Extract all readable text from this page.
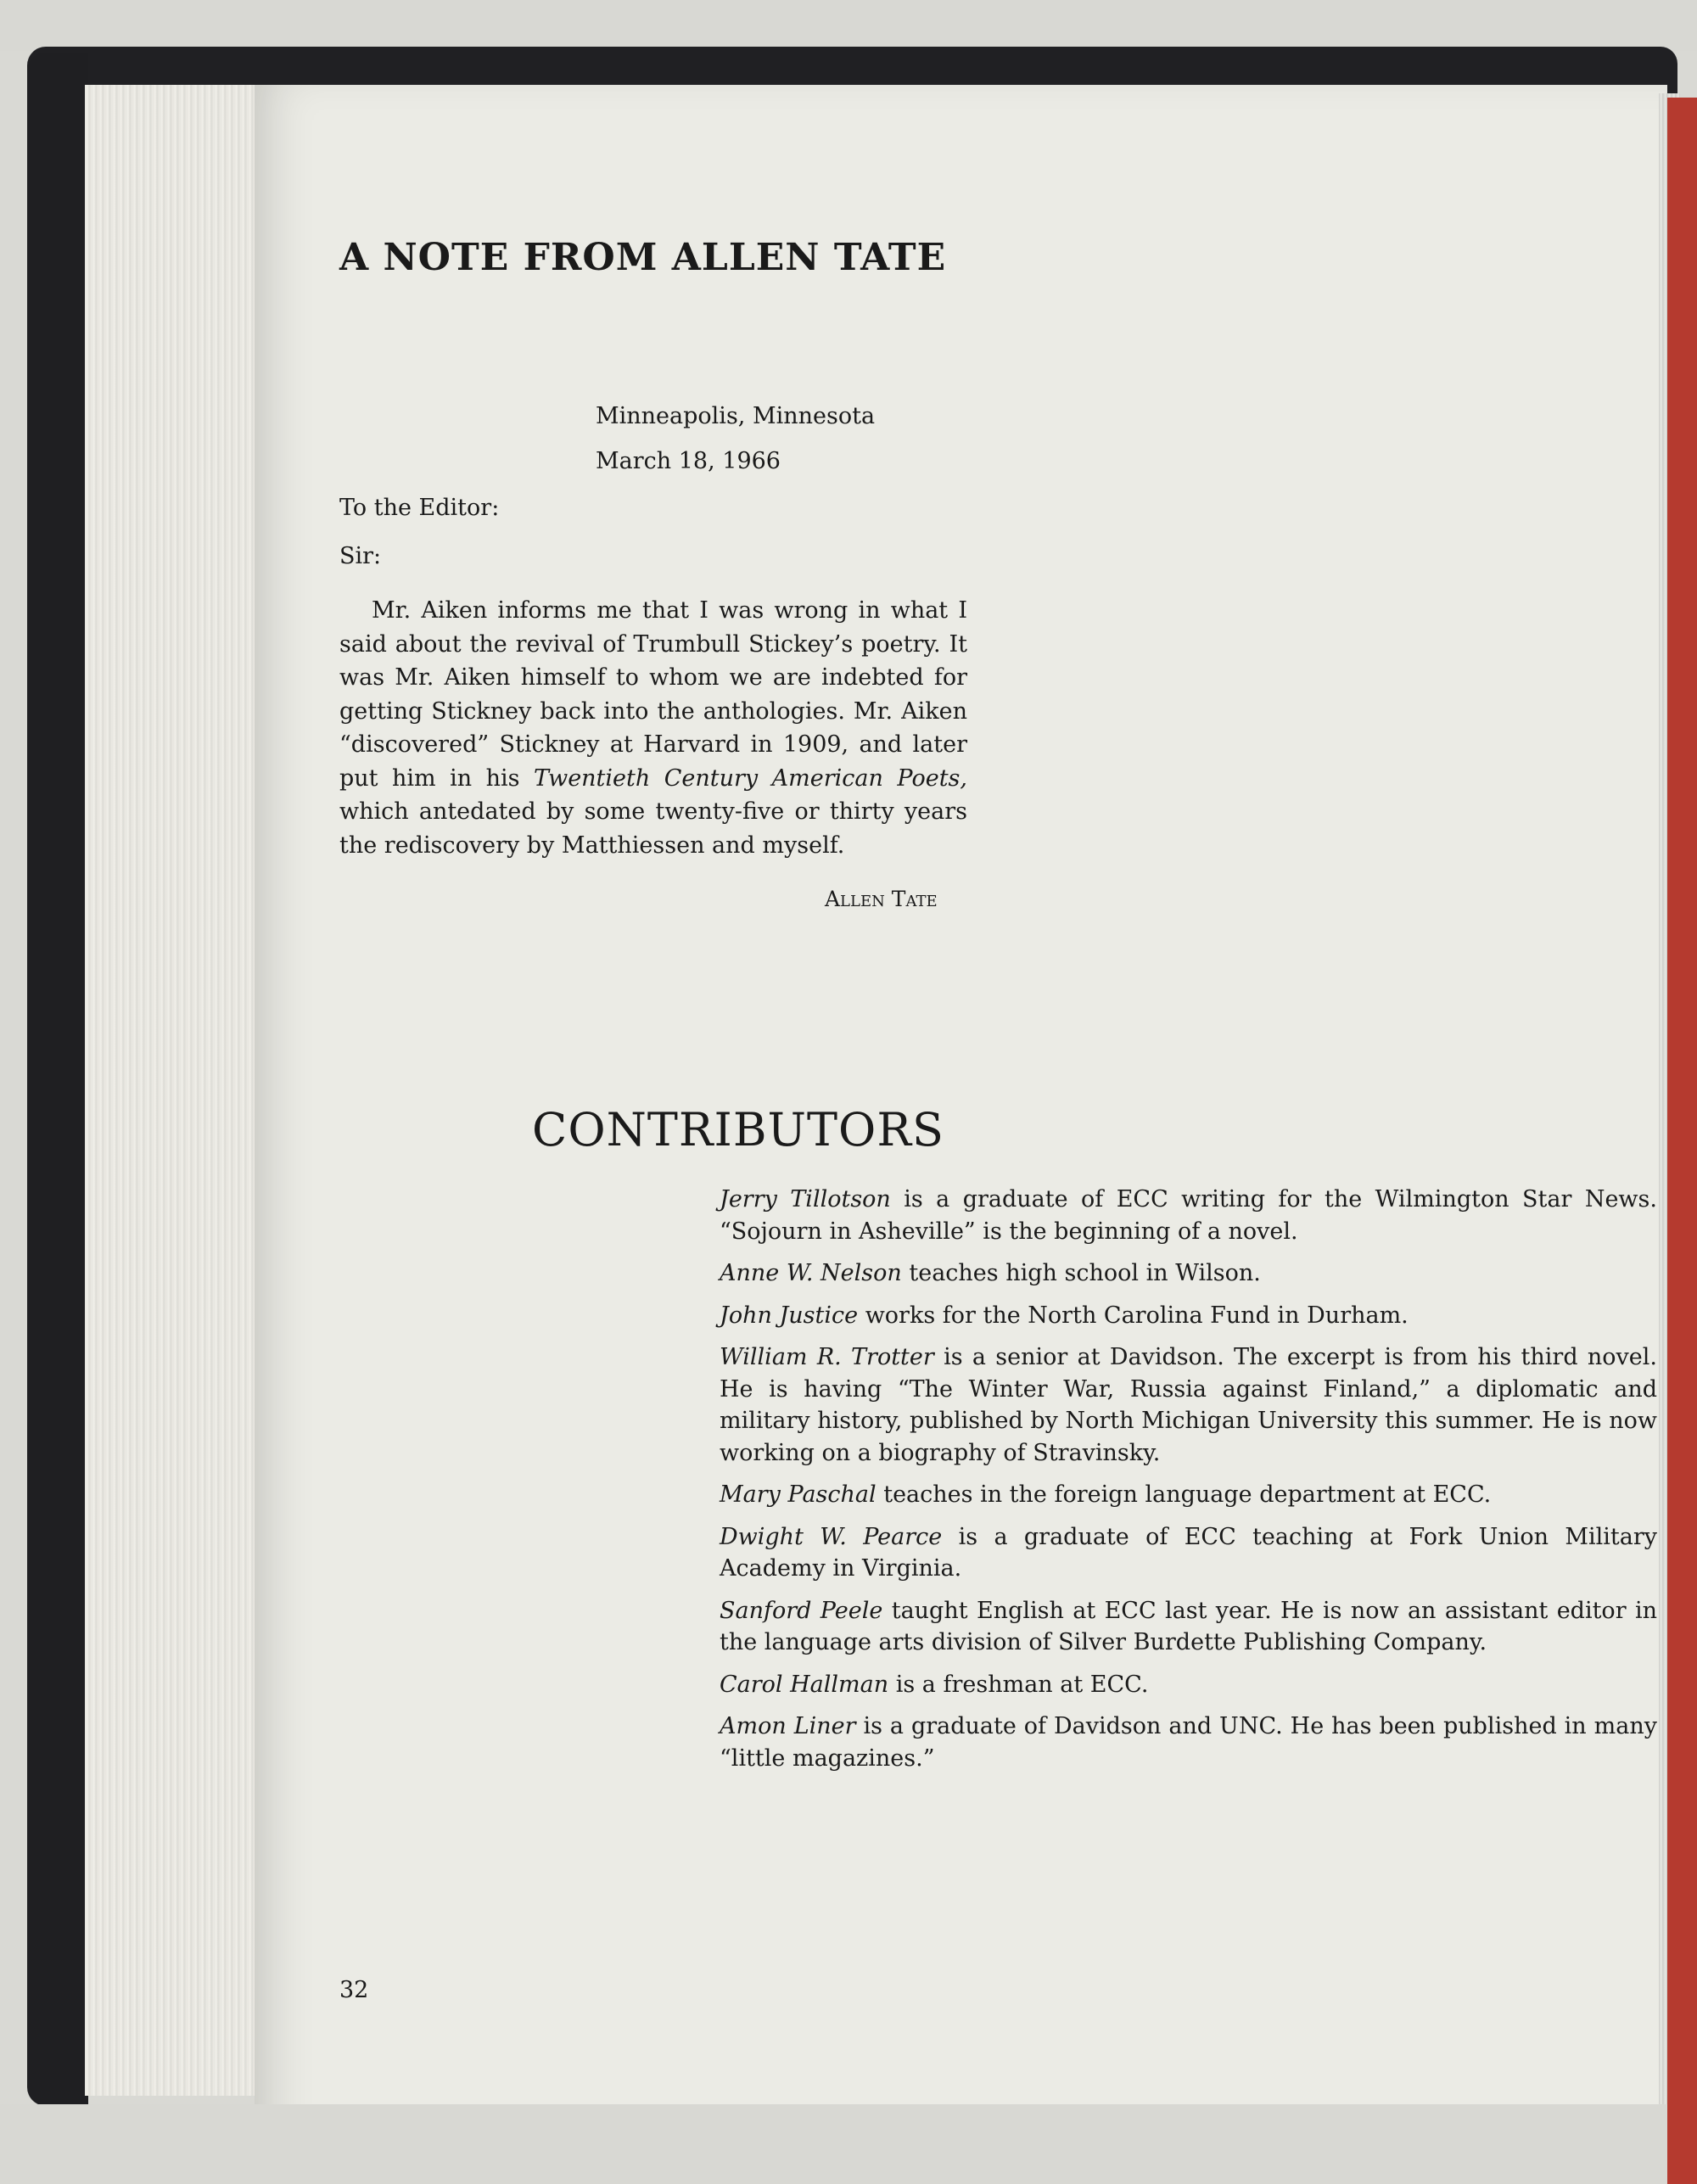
A NOTE FROM ALLEN TATE

Minneapolis, Minnesota

March 18, 1966

To the Editor:

Sir:

Mr. Aiken informs me that I was wrong in what I said about the revival of Trumbull Stickey’s poetry. It was Mr. Aiken himself to whom we are indebted for getting Stickney back into the anthologies. Mr. Aiken “discovered” Stickney at Harvard in 1909, and later put him in his Twentieth Century American Poets, which antedated by some twenty-five or thirty years the rediscovery by Matthiessen and myself.

Allen Tate

CONTRIBUTORS
Jerry Tillotson is a graduate of ECC writing for the Wilmington Star News. “Sojourn in Asheville” is the beginning of a novel.
Anne W. Nelson teaches high school in Wilson.
John Justice works for the North Carolina Fund in Durham.
William R. Trotter is a senior at Davidson. The excerpt is from his third novel. He is having “The Winter War, Russia against Finland,” a diplomatic and military history, published by North Michigan University this summer. He is now working on a biography of Stravinsky.
Mary Paschal teaches in the foreign language department at ECC.
Dwight W. Pearce is a graduate of ECC teaching at Fork Union Military Academy in Virginia.
Sanford Peele taught English at ECC last year. He is now an assistant editor in the language arts division of Silver Burdette Publishing Company.
Carol Hallman is a freshman at ECC.
Amon Liner is a graduate of Davidson and UNC. He has been published in many “little magazines.”

32
